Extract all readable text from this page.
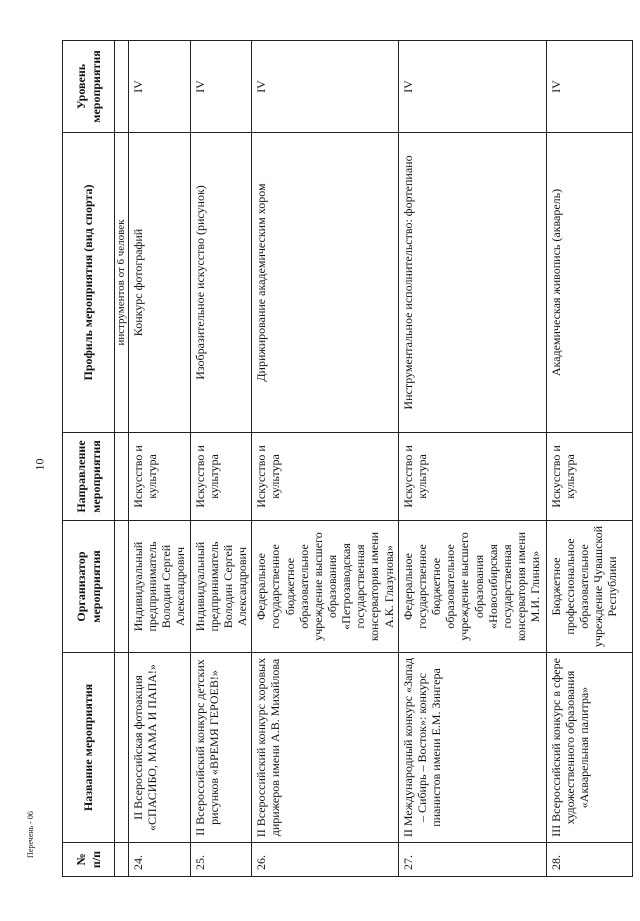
10
№ п/п	Название мероприятия	Организатор мероприятия	Направление мероприятия	Профиль мероприятия (вид спорта)	Уровень мероприятия
				инструментов от 6 человек	
24.	II Всероссийская фотоакция «СПАСИБО, МАМА И ПАПА!»	Индивидуальный предприниматель Володин Сергей Александрович	Искусство и культура	Конкурс фотографий	IV
25.	II Всероссийский конкурс детских рисунков «ВРЕМЯ ГЕРОЕВ!»	Индивидуальный предприниматель Володин Сергей Александрович	Искусство и культура	Изобразительное искусство (рисунок)	IV
26.	II Всероссийский конкурс хоровых дирижеров имени А.В. Михайлова	Федеральное государственное бюджетное образовательное учреждение высшего образования «Петрозаводская государственная консерватория имени А.К. Глазунова»	Искусство и культура	Дирижирование академическим хором	IV
27.	II Международный конкурс «Запад – Сибирь – Восток»: конкурс пианистов имени Е.М. Зингера	Федеральное государственное бюджетное образовательное учреждение высшего образования «Новосибирская государственная консерватория имени М.И. Глинки»	Искусство и культура	Инструментальное исполнительство: фортепиано	IV
28.	III Всероссийский конкурс в сфере художественного образования «Акварельная палитра»	Бюджетное профессиональное образовательное учреждение Чувашской Республики	Искусство и культура	Академическая живопись (акварель)	IV
Перечень - 06
